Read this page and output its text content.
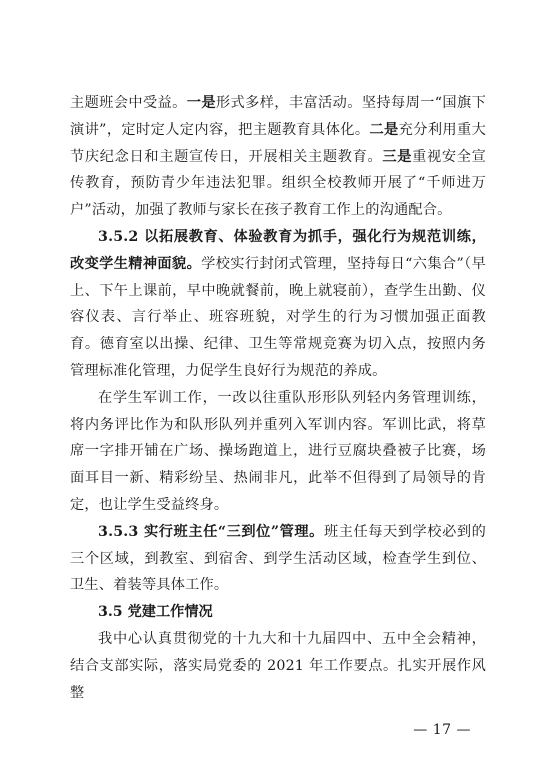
主题班会中受益。一是形式多样，丰富活动。坚持每周一“国旗下演讲”，定时定人定内容，把主题教育具体化。二是充分利用重大节庆纪念日和主题宣传日，开展相关主题教育。三是重视安全宣传教育，预防青少年违法犯罪。组织全校教师开展了“千师进万户”活动，加强了教师与家长在孩子教育工作上的沟通配合。

3.5.2 以拓展教育、体验教育为抓手，强化行为规范训练，改变学生精神面貌。学校实行封闭式管理，坚持每日“六集合”（早上、下午上课前，早中晚就餐前，晚上就寝前），查学生出勤、仪容仪表、言行举止、班容班貌，对学生的行为习惯加强正面教育。德育室以出操、纪律、卫生等常规竞赛为切入点，按照内务管理标准化管理，力促学生良好行为规范的养成。

在学生军训工作，一改以往重队形形队列轻内务管理训练，将内务评比作为和队形队列并重列入军训内容。军训比武，将草席一字排开铺在广场、操场跑道上，进行豆腐块叠被子比赛，场面耳目一新、精彩纷呈、热闹非凡，此举不但得到了局领导的肯定，也让学生受益终身。

3.5.3 实行班主任“三到位”管理。班主任每天到学校必到的三个区域，到教室、到宿舍、到学生活动区域，检查学生到位、卫生、着装等具体工作。

3.5 党建工作情况

我中心认真贯彻党的十九大和十九届四中、五中全会精神，结合支部实际，落实局党委的 2021 年工作要点。扎实开展作风整

— 17 —
